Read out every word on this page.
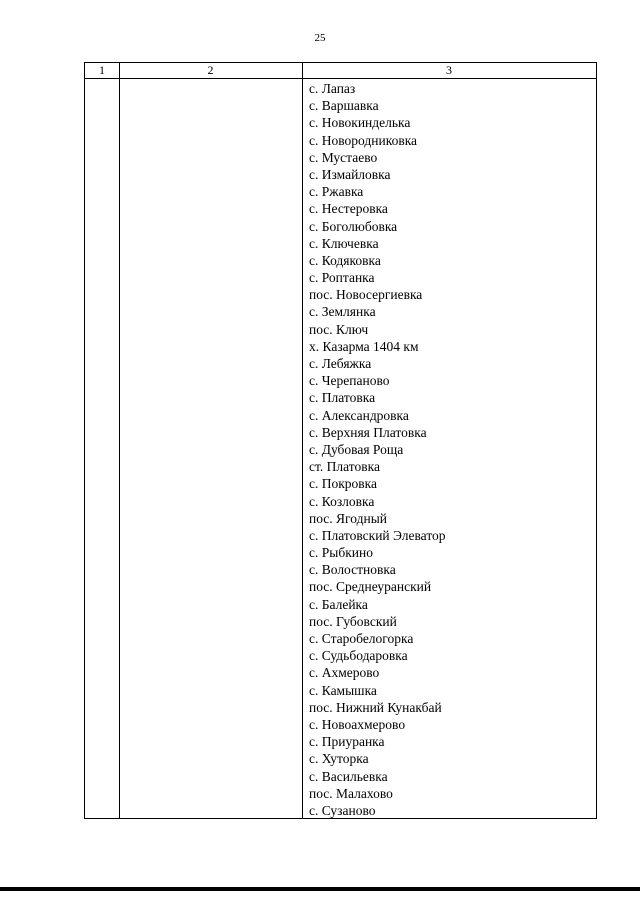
25
1	2	3
с. Лапаз
с. Варшавка
с. Новокинделька
с. Новородниковка
с. Мустаево
с. Измайловка
с. Ржавка
с. Нестеровка
с. Боголюбовка
с. Ключевка
с. Кодяковка
с. Роптанка
пос. Новосергиевка
с. Землянка
пос. Ключ
х. Казарма 1404 км
с. Лебяжка
с. Черепаново
с. Платовка
с. Александровка
с. Верхняя Платовка
с. Дубовая Роща
ст. Платовка
с. Покровка
с. Козловка
пос. Ягодный
с. Платовский Элеватор
с. Рыбкино
с. Волостновка
пос. Среднеуранский
с. Балейка
пос. Губовский
с. Старобелогорка
с. Судьбодаровка
с. Ахмерово
с. Камышка
пос. Нижний Кунакбай
с. Новоахмерово
с. Приуранка
с. Хуторка
с. Васильевка
пос. Малахово
с. Сузаново
